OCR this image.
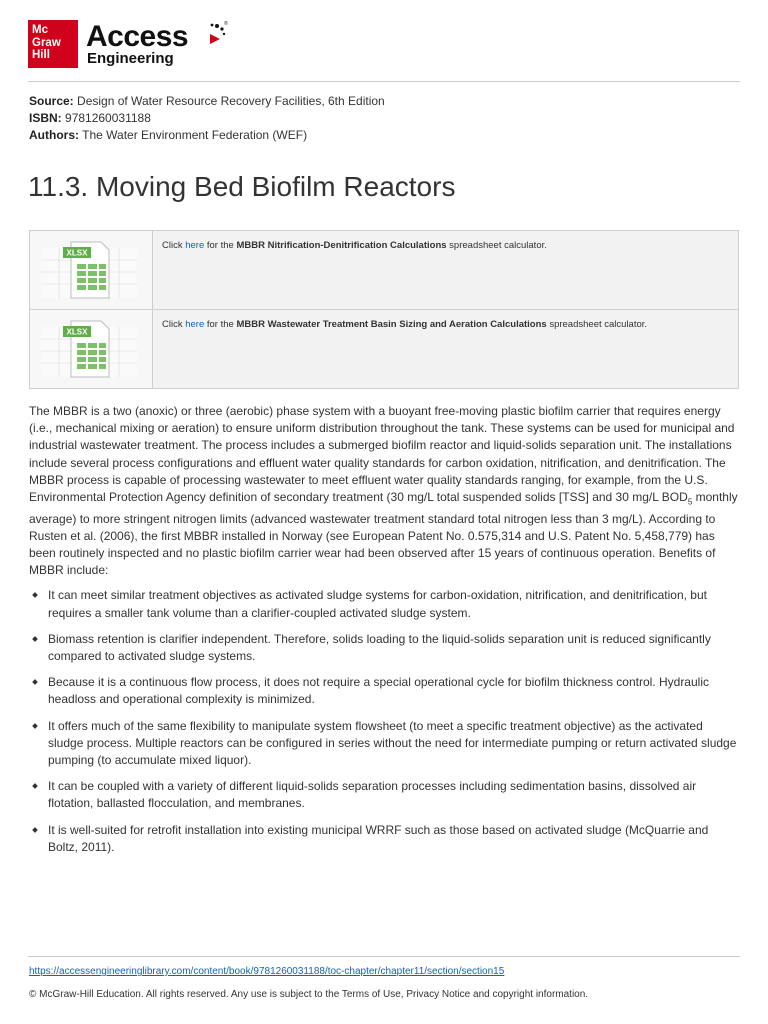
Mc
Graw
Hill
Access
Engineering
®
Source: Design of Water Resource Recovery Facilities, 6th Edition
ISBN: 9781260031188
Authors: The Water Environment Federation (WEF)
11.3. Moving Bed Biofilm Reactors
XLSX	Click here for the MBBR Nitrification-Denitrification Calculations spreadsheet calculator.

XLSX	Click here for the MBBR Wastewater Treatment Basin Sizing and Aeration Calculations spreadsheet calculator.

The MBBR is a two (anoxic) or three (aerobic) phase system with a buoyant free-moving plastic biofilm carrier that requires energy (i.e., mechanical mixing or aeration) to ensure uniform distribution throughout the tank. These systems can be used for municipal and industrial wastewater treatment. The process includes a submerged biofilm reactor and liquid-solids separation unit. The installations include several process configurations and effluent water quality standards for carbon oxidation, nitrification, and denitrification. The MBBR process is capable of processing wastewater to meet effluent water quality standards ranging, for example, from the U.S. Environmental Protection Agency definition of secondary treatment (30 mg/L total suspended solids [TSS] and 30 mg/L $BOD_5$ monthly average) to more stringent nitrogen limits (advanced wastewater treatment standard total nitrogen less than 3 mg/L). According to Rusten et al. (2006), the first MBBR installed in Norway (see European Patent No. 0.575,314 and U.S. Patent No. 5,458,779) has been routinely inspected and no plastic biofilm carrier wear had been observed after 15 years of continuous operation. Benefits of MBBR include:

It can meet similar treatment objectives as activated sludge systems for carbon-oxidation, nitrification, and denitrification, but requires a smaller tank volume than a clarifier-coupled activated sludge system.
Biomass retention is clarifier independent. Therefore, solids loading to the liquid-solids separation unit is reduced significantly compared to activated sludge systems.
Because it is a continuous flow process, it does not require a special operational cycle for biofilm thickness control. Hydraulic headloss and operational complexity is minimized.
It offers much of the same flexibility to manipulate system flowsheet (to meet a specific treatment objective) as the activated sludge process. Multiple reactors can be configured in series without the need for intermediate pumping or return activated sludge pumping (to accumulate mixed liquor).
It can be coupled with a variety of different liquid-solids separation processes including sedimentation basins, dissolved air flotation, ballasted flocculation, and membranes.
It is well-suited for retrofit installation into existing municipal WRRF such as those based on activated sludge (McQuarrie and Boltz, 2011).
https://accessengineeringlibrary.com/content/book/9781260031188/toc-chapter/chapter11/section/section15
© McGraw-Hill Education. All rights reserved. Any use is subject to the Terms of Use, Privacy Notice and copyright information.
